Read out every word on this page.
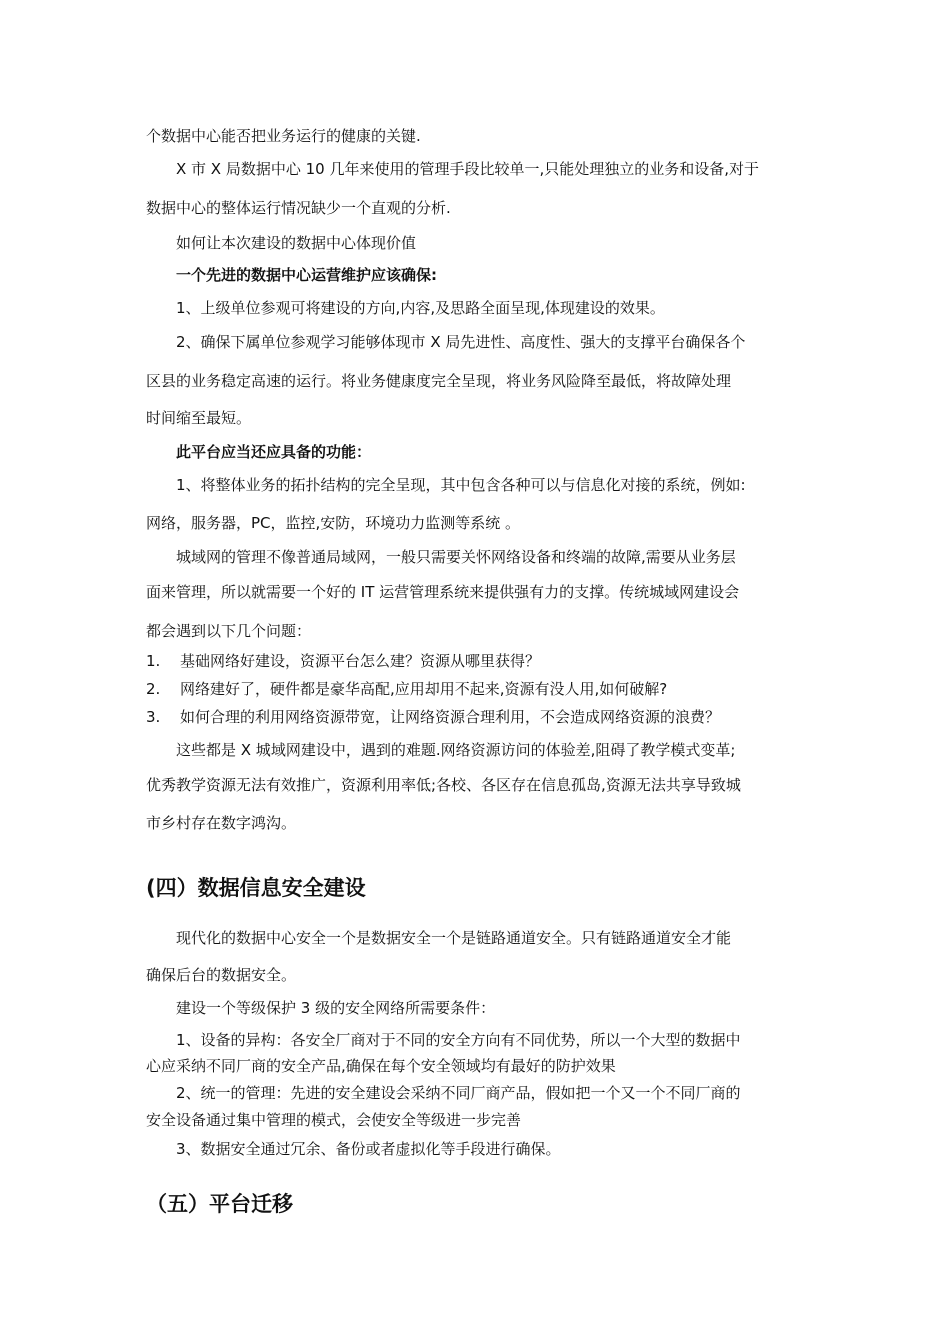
个数据中心能否把业务运行的健康的关键.
X 市 X 局数据中心 10 几年来使用的管理手段比较单一,只能处理独立的业务和设备,对于
数据中心的整体运行情况缺少一个直观的分析.
如何让本次建设的数据中心体现价值
一个先进的数据中心运营维护应该确保:
1、上级单位参观可将建设的方向,内容,及思路全面呈现,体现建设的效果。
2、确保下属单位参观学习能够体现市 X 局先进性、高度性、强大的支撑平台确保各个
区县的业务稳定高速的运行。将业务健康度完全呈现，将业务风险降至最低，将故障处理
时间缩至最短。
此平台应当还应具备的功能：
1、将整体业务的拓扑结构的完全呈现，其中包含各种可以与信息化对接的系统，例如:
网络，服务器，PC，监控,安防，环境功力监测等系统 。
城域网的管理不像普通局域网，一般只需要关怀网络设备和终端的故障,需要从业务层
面来管理，所以就需要一个好的 IT 运营管理系统来提供强有力的支撑。传统城域网建设会
都会遇到以下几个问题：
1. 基础网络好建设，资源平台怎么建？资源从哪里获得？
2. 网络建好了，硬件都是豪华高配,应用却用不起来,资源有没人用,如何破解?
3. 如何合理的利用网络资源带宽，让网络资源合理利用，不会造成网络资源的浪费？
这些都是 X 城域网建设中，遇到的难题.网络资源访问的体验差,阻碍了教学模式变革;
优秀教学资源无法有效推广，资源利用率低;各校、各区存在信息孤岛,资源无法共享导致城
市乡村存在数字鸿沟。
(四）数据信息安全建设
现代化的数据中心安全一个是数据安全一个是链路通道安全。只有链路通道安全才能
确保后台的数据安全。
建设一个等级保护 3 级的安全网络所需要条件：
1、设备的异构：各安全厂商对于不同的安全方向有不同优势，所以一个大型的数据中
心应采纳不同厂商的安全产品,确保在每个安全领域均有最好的防护效果
2、统一的管理：先进的安全建设会采纳不同厂商产品，假如把一个又一个不同厂商的
安全设备通过集中管理的模式，会使安全等级进一步完善
3、数据安全通过冗余、备份或者虚拟化等手段进行确保。
（五）平台迁移
